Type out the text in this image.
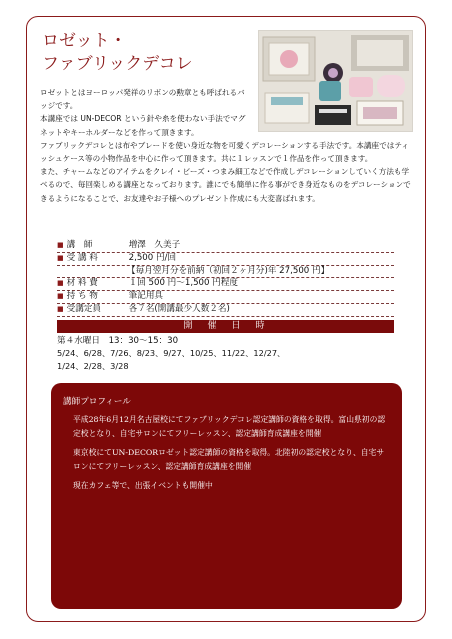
ロゼット・
ファブリックデコレ

ロゼットとはヨーロッパ発祥のリボンの勲章とも呼ばれるバッジです。

本講座では UN-DECOR という針や糸を使わない手法でマグネットやキーホルダーなどを作って頂きます。

ファブリックデコレとは布やブレードを使い身近な物を可愛くデコレーションする手法です。本講座ではティッシュケース等の小物作品を中心に作って頂きます。共に１レッスンで１作品を作って頂きます。

また、チャームなどのアイテムをクレイ・ビーズ・つまみ細工などで作成しデコレーションしていく方法も学べるので、毎回楽しめる講座となっております。誰にでも簡単に作る事ができ身近なものをデコレーションできるようになることで、お友達やお子様へのプレゼント作成にも大変喜ばれます。

■ 講　師	増澤　久美子
■ 受 講 料	2,500 円/回
【毎月翌月分を前納（初回２ヶ月分)年 27,500 円】
■ 材 料 費	１回 500 円～1,500 円程度
■ 持 ち 物	筆記用具
■ 受講定員	各７名(開講最少人数２名)
開　催　日　時
第４水曜日　13：30～15：30
5/24、6/28、7/26、8/23、9/27、10/25、11/22、12/27、
1/24、2/28、3/28
講師プロフィール

平成28年6月12月名古屋校にてファブリックデコレ認定講師の資格を取得。富山県初の認定校となり、自宅サロンにてフリーレッスン、認定講師育成講座を開催

東京校にてUN-DECORロゼット認定講師の資格を取得。北陸初の認定校となり、自宅サロンにてフリーレッスン、認定講師育成講座を開催

現在カフェ等で、出張イベントも開催中
